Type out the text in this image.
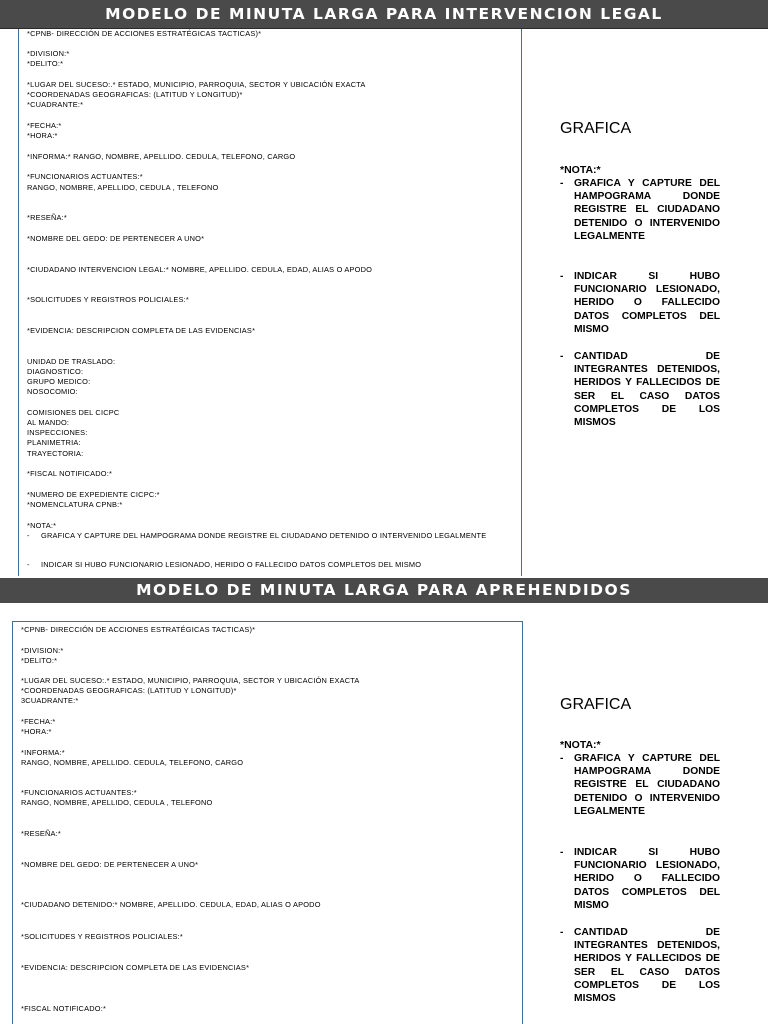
MODELO DE MINUTA LARGA PARA INTERVENCION LEGAL
*CPNB- DIRECCIÓN DE ACCIONES ESTRATÉGICAS TACTICAS)*
*DIVISION:*
*DELITO:*
*LUGAR DEL SUCESO:.* ESTADO, MUNICIPIO, PARROQUIA, SECTOR Y UBICACIÓN EXACTA
*COORDENADAS GEOGRAFICAS: (LATITUD Y LONGITUD)*
*CUADRANTE:*
*FECHA:*
*HORA:*
*INFORMA:* RANGO, NOMBRE, APELLIDO. CEDULA, TELEFONO, CARGO
*FUNCIONARIOS ACTUANTES:*
RANGO, NOMBRE, APELLIDO, CEDULA , TELEFONO
*RESEÑA:*
*NOMBRE DEL GEDO: DE PERTENECER A UNO*
*CIUDADANO INTERVENCION LEGAL:* NOMBRE, APELLIDO. CEDULA, EDAD, ALIAS O APODO
*SOLICITUDES Y REGISTROS POLICIALES:*
*EVIDENCIA: DESCRIPCION COMPLETA DE LAS EVIDENCIAS*
UNIDAD DE TRASLADO:
DIAGNOSTICO:
GRUPO MEDICO:
NOSOCOMIO:
COMISIONES DEL CICPC
AL MANDO:
INSPECCIONES:
PLANIMETRIA:
TRAYECTORIA:
*FISCAL NOTIFICADO:*
*NUMERO DE EXPEDIENTE CICPC:*
*NOMENCLATURA CPNB:*
*NOTA:*
- GRAFICA Y CAPTURE DEL HAMPOGRAMA DONDE REGISTRE EL CIUDADANO DETENIDO O INTERVENIDO LEGALMENTE
- INDICAR SI HUBO FUNCIONARIO LESIONADO, HERIDO O FALLECIDO DATOS COMPLETOS DEL MISMO
GRAFICA
*NOTA:*
- GRAFICA Y CAPTURE DEL HAMPOGRAMA DONDE REGISTRE EL CIUDADANO DETENIDO O INTERVENIDO LEGALMENTE
- INDICAR SI HUBO FUNCIONARIO LESIONADO, HERIDO O FALLECIDO DATOS COMPLETOS DEL MISMO
- CANTIDAD DE INTEGRANTES DETENIDOS, HERIDOS Y FALLECIDOS DE SER EL CASO DATOS COMPLETOS DE LOS MISMOS
MODELO DE MINUTA LARGA PARA APREHENDIDOS
*CPNB- DIRECCIÓN DE ACCIONES ESTRATÉGICAS TACTICAS)*
*DIVISION:*
*DELITO:*
*LUGAR DEL SUCESO:.* ESTADO, MUNICIPIO, PARROQUIA, SECTOR Y UBICACIÓN EXACTA
*COORDENADAS GEOGRAFICAS: (LATITUD Y LONGITUD)*
3CUADRANTE:*
*FECHA:*
*HORA:*
*INFORMA:*
RANGO, NOMBRE, APELLIDO. CEDULA, TELEFONO, CARGO
*FUNCIONARIOS ACTUANTES:*
RANGO, NOMBRE, APELLIDO, CEDULA , TELEFONO
*RESEÑA:*
*NOMBRE DEL GEDO: DE PERTENECER A UNO*
*CIUDADANO DETENIDO:* NOMBRE, APELLIDO. CEDULA, EDAD, ALIAS O APODO
*SOLICITUDES Y REGISTROS POLICIALES:*
*EVIDENCIA: DESCRIPCION COMPLETA DE LAS EVIDENCIAS*
*FISCAL NOTIFICADO:*
GRAFICA
*NOTA:*
- GRAFICA Y CAPTURE DEL HAMPOGRAMA DONDE REGISTRE EL CIUDADANO DETENIDO O INTERVENIDO LEGALMENTE
- INDICAR SI HUBO FUNCIONARIO LESIONADO, HERIDO O FALLECIDO DATOS COMPLETOS DEL MISMO
- CANTIDAD DE INTEGRANTES DETENIDOS, HERIDOS Y FALLECIDOS DE SER EL CASO DATOS COMPLETOS DE LOS MISMOS
